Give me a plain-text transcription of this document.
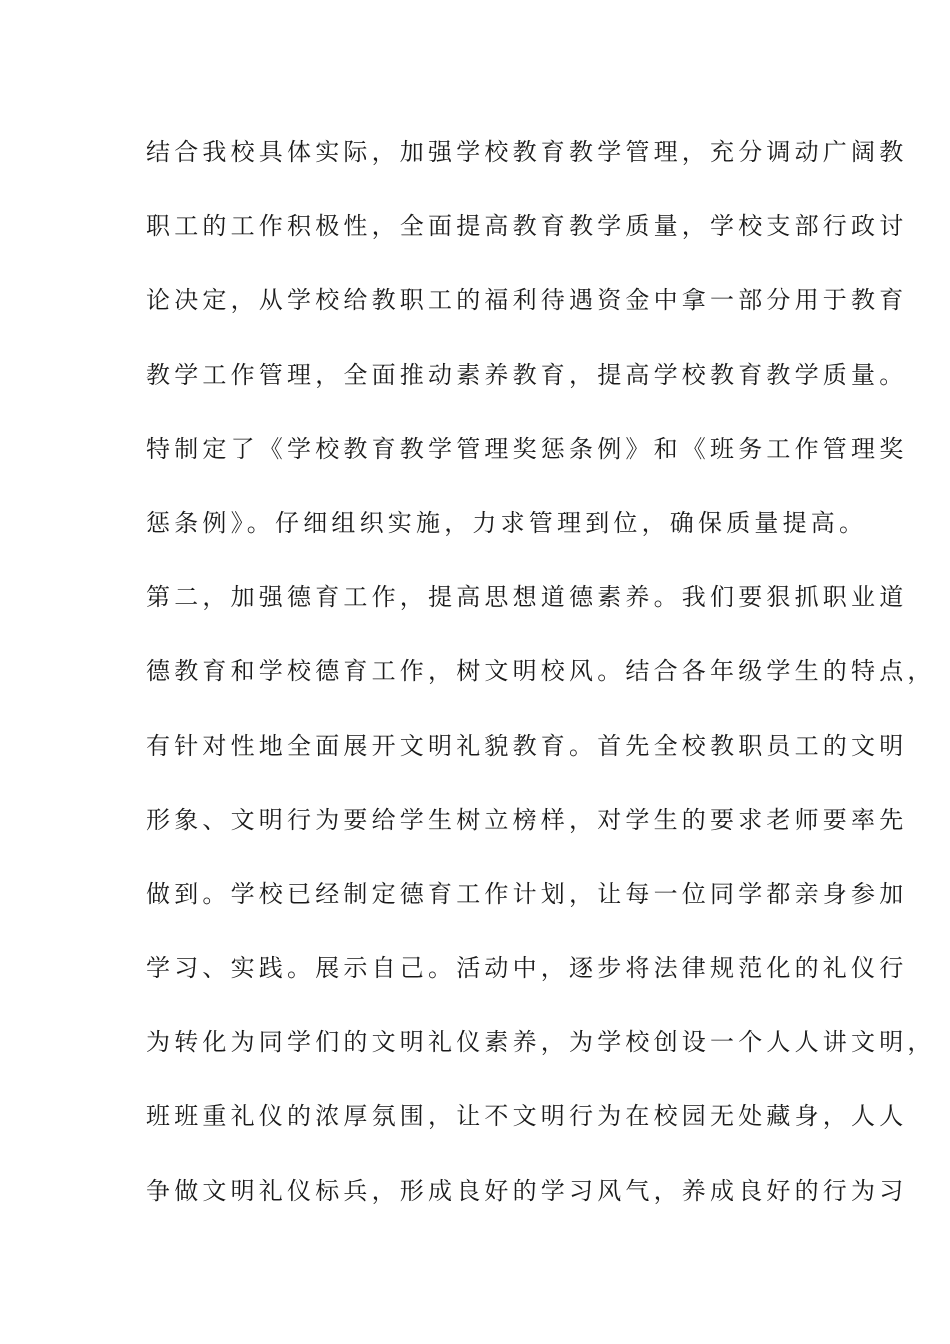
结合我校具体实际，加强学校教育教学管理，充分调动广阔教
职工的工作积极性，全面提高教育教学质量，学校支部行政讨
论决定，从学校给教职工的福利待遇资金中拿一部分用于教育
教学工作管理，全面推动素养教育，提高学校教育教学质量。
特制定了《学校教育教学管理奖惩条例》和《班务工作管理奖
惩条例》。仔细组织实施，力求管理到位，确保质量提高。
第二，加强德育工作，提高思想道德素养。我们要狠抓职业道
德教育和学校德育工作，树文明校风。结合各年级学生的特点，
有针对性地全面展开文明礼貌教育。首先全校教职员工的文明
形象、文明行为要给学生树立榜样，对学生的要求老师要率先
做到。学校已经制定德育工作计划，让每一位同学都亲身参加
学习、实践。展示自己。活动中，逐步将法律规范化的礼仪行
为转化为同学们的文明礼仪素养，为学校创设一个人人讲文明，
班班重礼仪的浓厚氛围，让不文明行为在校园无处藏身，人人
争做文明礼仪标兵，形成良好的学习风气，养成良好的行为习
